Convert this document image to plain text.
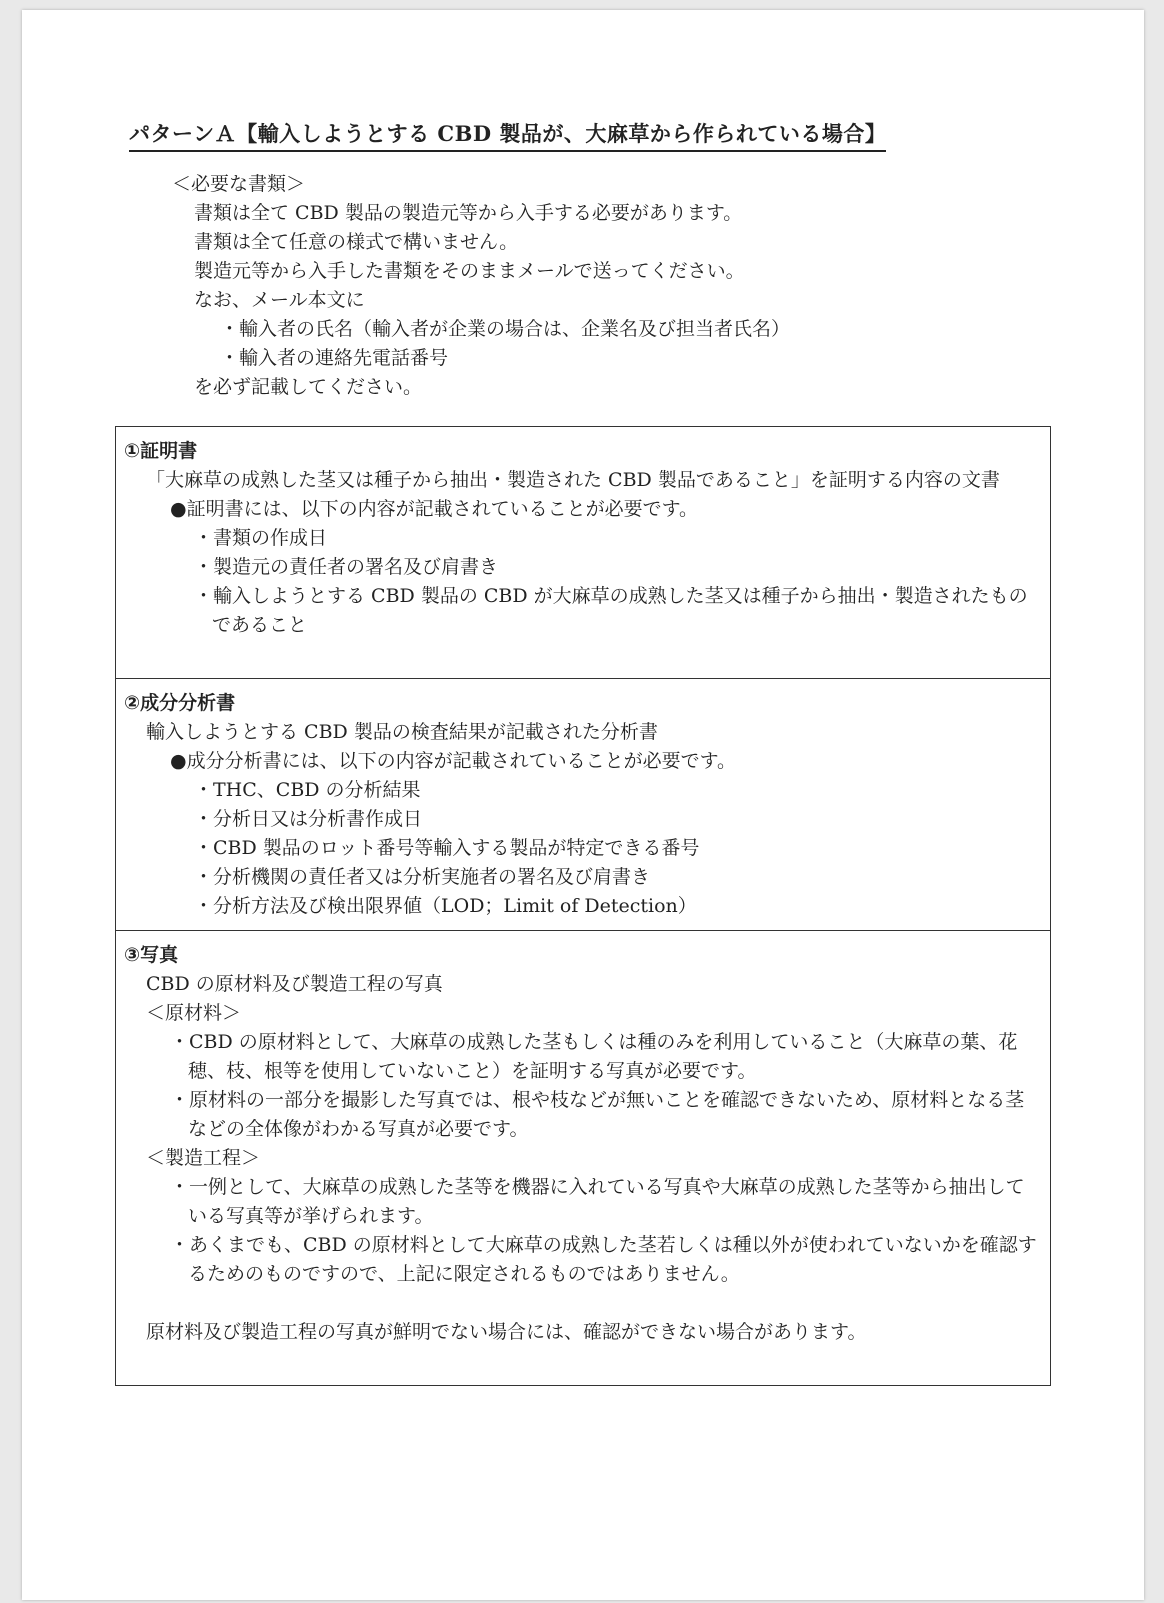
パターンＡ【輸入しようとする CBD 製品が、大麻草から作られている場合】
＜必要な書類＞
書類は全て CBD 製品の製造元等から入手する必要があります。
書類は全て任意の様式で構いません。
製造元等から入手した書類をそのままメールで送ってください。
なお、メール本文に
・輸入者の氏名（輸入者が企業の場合は、企業名及び担当者氏名）
・輸入者の連絡先電話番号
を必ず記載してください。
①証明書
「大麻草の成熟した茎又は種子から抽出・製造された CBD 製品であること」を証明する内容の文書
●証明書には、以下の内容が記載されていることが必要です。
・書類の作成日
・製造元の責任者の署名及び肩書き
・輸入しようとする CBD 製品の CBD が大麻草の成熟した茎又は種子から抽出・製造されたものであること
②成分分析書
輸入しようとする CBD 製品の検査結果が記載された分析書
●成分分析書には、以下の内容が記載されていることが必要です。
・THC、CBD の分析結果
・分析日又は分析書作成日
・CBD 製品のロット番号等輸入する製品が特定できる番号
・分析機関の責任者又は分析実施者の署名及び肩書き
・分析方法及び検出限界値（LOD；Limit of Detection）
③写真
CBD の原材料及び製造工程の写真
＜原材料＞
・CBD の原材料として、大麻草の成熟した茎もしくは種のみを利用していること（大麻草の葉、花穂、枝、根等を使用していないこと）を証明する写真が必要です。
・原材料の一部分を撮影した写真では、根や枝などが無いことを確認できないため、原材料となる茎などの全体像がわかる写真が必要です。
＜製造工程＞
・一例として、大麻草の成熟した茎等を機器に入れている写真や大麻草の成熟した茎等から抽出している写真等が挙げられます。
・あくまでも、CBD の原材料として大麻草の成熟した茎若しくは種以外が使われていないかを確認するためのものですので、上記に限定されるものではありません。
原材料及び製造工程の写真が鮮明でない場合には、確認ができない場合があります。
